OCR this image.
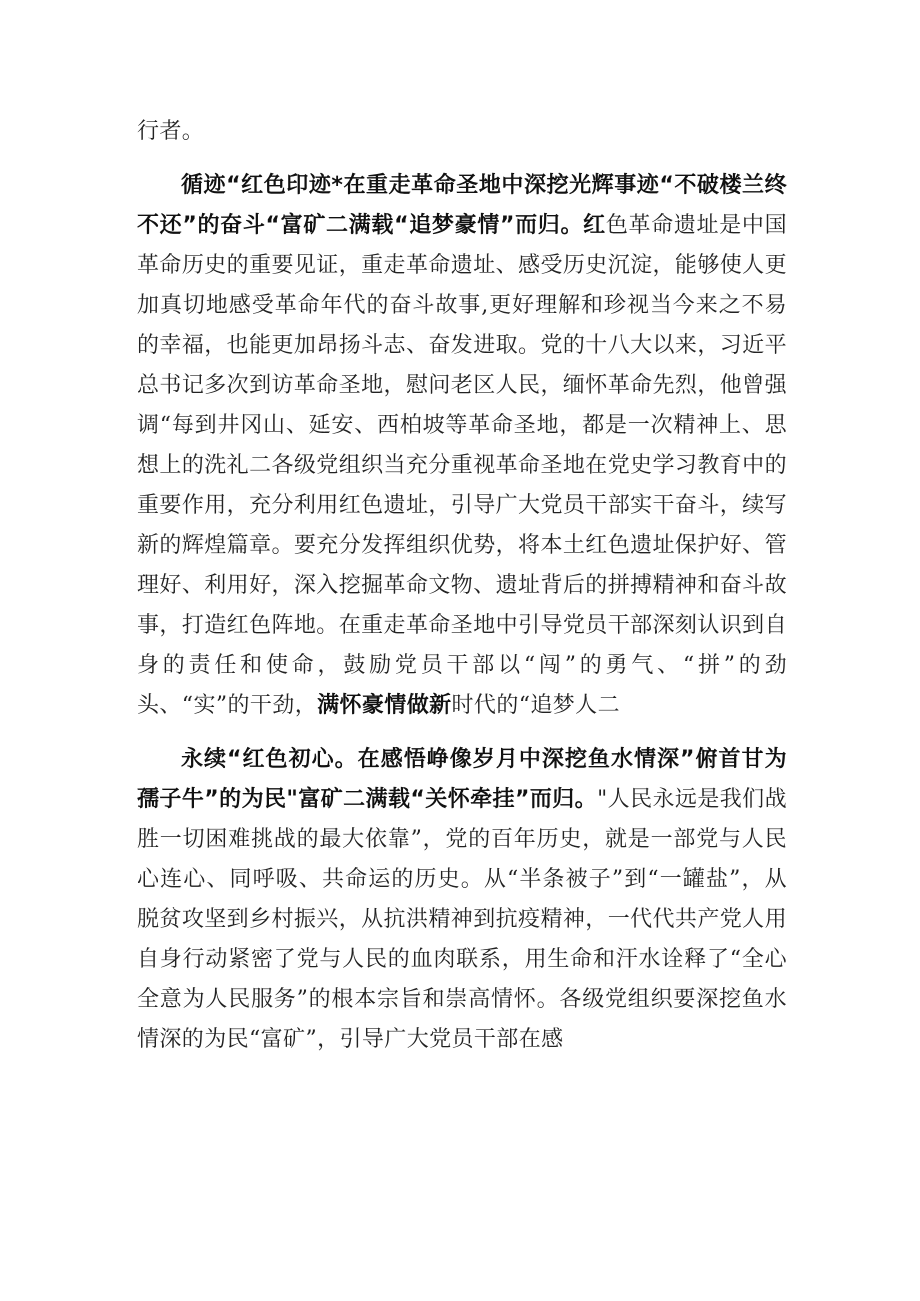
行者。

循迹“红色印迹*在重走革命圣地中深挖光辉事迹“不破楼兰终不还”的奋斗“富矿二满载“追梦豪情”而归。红色革命遗址是中国革命历史的重要见证，重走革命遗址、感受历史沉淀，能够使人更加真切地感受革命年代的奋斗故事,更好理解和珍视当今来之不易的幸福，也能更加昂扬斗志、奋发进取。党的十八大以来，习近平总书记多次到访革命圣地，慰问老区人民，缅怀革命先烈，他曾强调“每到井冈山、延安、西柏坡等革命圣地，都是一次精神上、思想上的洗礼二各级党组织当充分重视革命圣地在党史学习教育中的重要作用，充分利用红色遗址，引导广大党员干部实干奋斗，续写新的辉煌篇章。要充分发挥组织优势，将本土红色遗址保护好、管理好、利用好，深入挖掘革命文物、遗址背后的拼搏精神和奋斗故事，打造红色阵地。在重走革命圣地中引导党员干部深刻认识到自身的责任和使命，鼓励党员干部以“闯”的勇气、“拼”的劲头、“实”的干劲，满怀豪情做新时代的“追梦人二

永续“红色初心。在感悟峥像岁月中深挖鱼水情深”俯首甘为孺子牛”的为民"富矿二满载“关怀牵挂”而归。"人民永远是我们战胜一切困难挑战的最大依靠”，党的百年历史，就是一部党与人民心连心、同呼吸、共命运的历史。从“半条被子”到“一罐盐”，从脱贫攻坚到乡村振兴，从抗洪精神到抗疫精神，一代代共产党人用自身行动紧密了党与人民的血肉联系，用生命和汗水诠释了“全心全意为人民服务”的根本宗旨和崇高情怀。各级党组织要深挖鱼水情深的为民“富矿”，引导广大党员干部在感
